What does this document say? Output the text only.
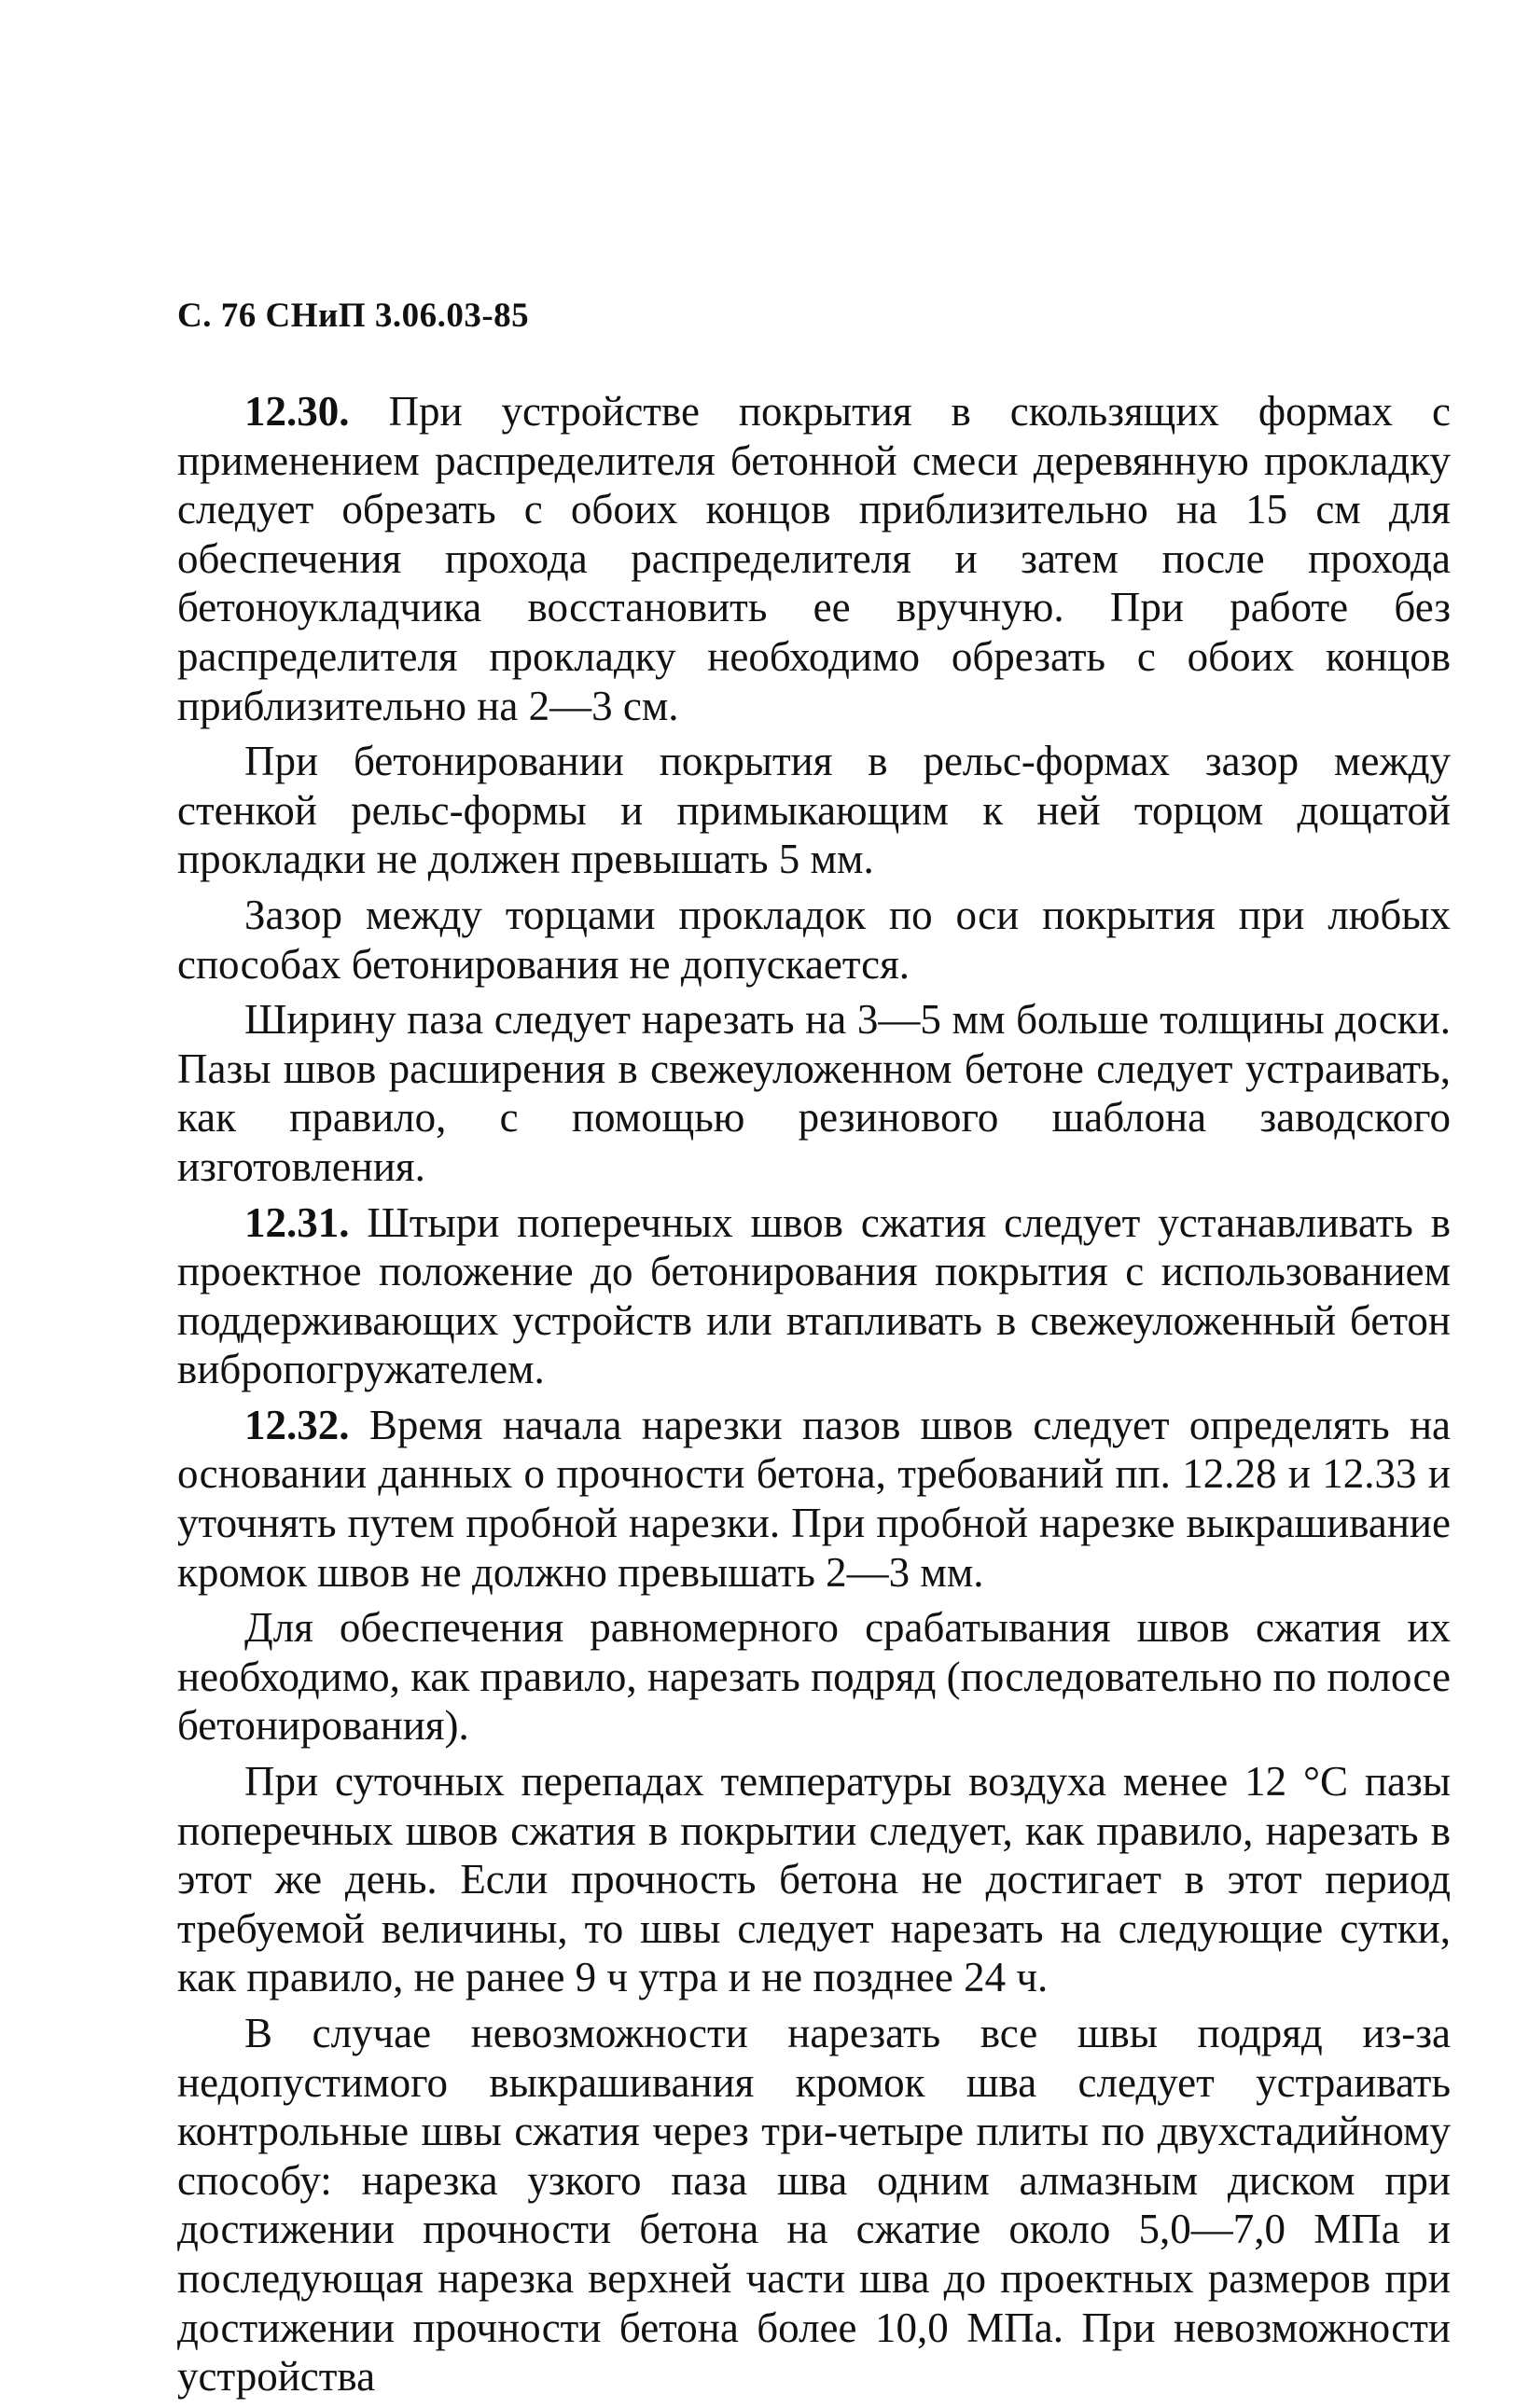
С. 76 СНиП 3.06.03-85

12.30. При устройстве покрытия в скользящих формах с применением распределителя бетонной смеси деревянную прокладку следует обрезать с обоих концов приблизительно на 15 см для обеспечения прохода распределителя и затем после прохода бетоноукладчика восстановить ее вручную. При работе без распределителя прокладку необходимо обрезать с обоих концов приблизительно на 2—3 см.

При бетонировании покрытия в рельс-формах зазор между стенкой рельс-формы и примыкающим к ней торцом дощатой прокладки не должен превышать 5 мм.

Зазор между торцами прокладок по оси покрытия при любых способах бетонирования не допускается.

Ширину паза следует нарезать на 3—5 мм больше толщины доски. Пазы швов расширения в свежеуложенном бетоне следует устраивать, как правило, с помощью резинового шаблона заводского изготовления.

12.31. Штыри поперечных швов сжатия следует устанавливать в проектное положение до бетонирования покрытия с использованием поддерживающих устройств или втапливать в свежеуложенный бетон вибропогружателем.

12.32. Время начала нарезки пазов швов следует определять на основании данных о прочности бетона, требований пп. 12.28 и 12.33 и уточнять путем пробной нарезки. При пробной нарезке выкрашивание кромок швов не должно превышать 2—3 мм.

Для обеспечения равномерного срабатывания швов сжатия их необходимо, как правило, нарезать подряд (последовательно по полосе бетонирования).

При суточных перепадах температуры воздуха менее 12 °С пазы поперечных швов сжатия в покрытии следует, как правило, нарезать в этот же день. Если прочность бетона не достигает в этот период требуемой величины, то швы следует нарезать на следующие сутки, как правило, не ранее 9 ч утра и не позднее 24 ч.

В случае невозможности нарезать все швы подряд из-за недопустимого выкрашивания кромок шва следует устраивать контрольные швы сжатия через три-четыре плиты по двухстадийному способу: нарезка узкого паза шва одним алмазным диском при достижении прочности бетона на сжатие около 5,0—7,0 МПа и последующая нарезка верхней части шва до проектных размеров при достижении прочности бетона более 10,0 МПа. При невозможности устройства
